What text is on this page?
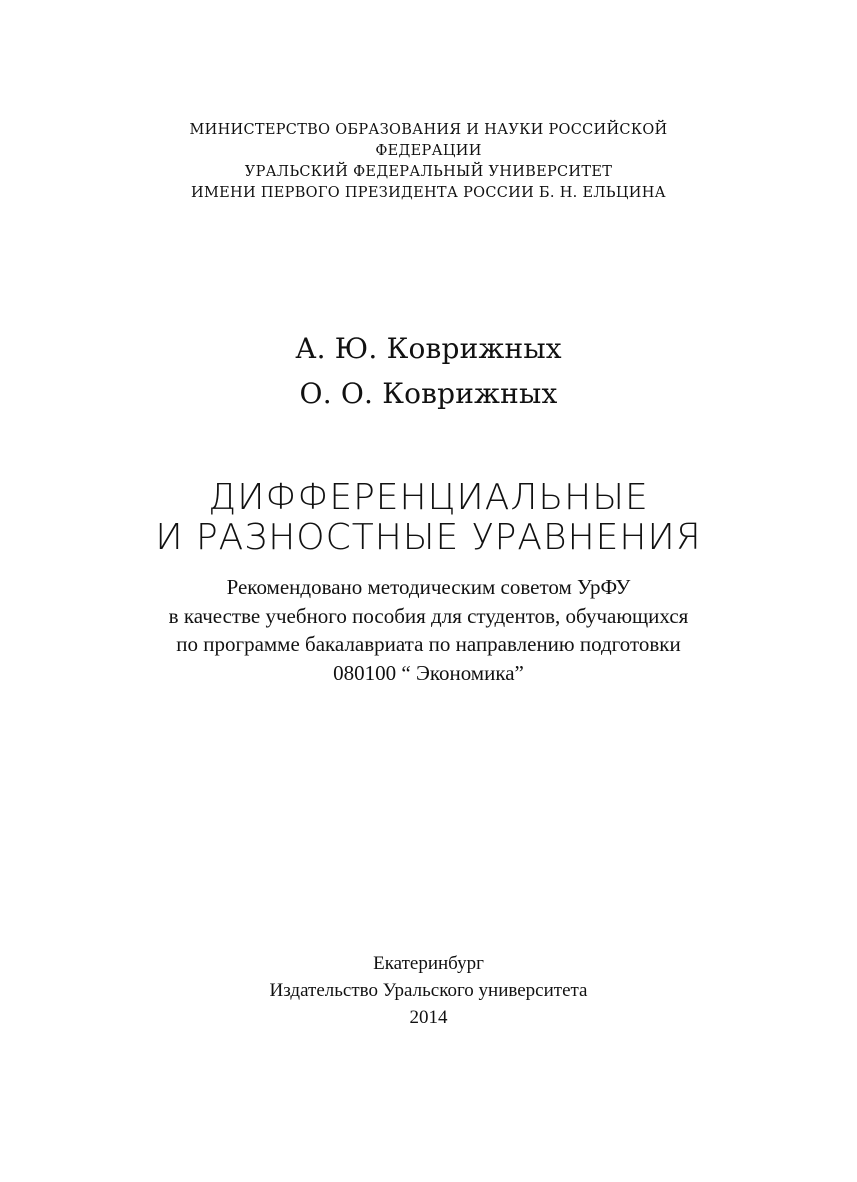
МИНИСТЕРСТВО ОБРАЗОВАНИЯ И НАУКИ РОССИЙСКОЙ
ФЕДЕРАЦИИ
УРАЛЬСКИЙ ФЕДЕРАЛЬНЫЙ УНИВЕРСИТЕТ
ИМЕНИ ПЕРВОГО ПРЕЗИДЕНТА РОССИИ Б. Н. ЕЛЬЦИНА
А. Ю. Коврижных
О. О. Коврижных
ДИФФЕРЕНЦИАЛЬНЫЕ
И РАЗНОСТНЫЕ УРАВНЕНИЯ
Рекомендовано методическим советом УрФУ
в качестве учебного пособия для студентов, обучающихся
по программе бакалавриата по направлению подготовки
080100 “ Экономика”
Екатеринбург
Издательство Уральского университета
2014
